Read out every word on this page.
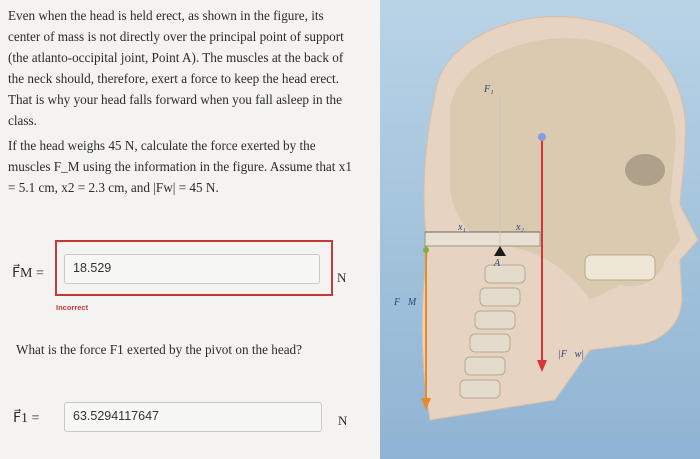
Even when the head is held erect, as shown in the figure, its center of mass is not directly over the principal point of support (the atlanto-occipital joint, Point A). The muscles at the back of the neck should, therefore, exert a force to keep the head erect. That is why your head falls forward when you fall asleep in the class.

If the head weighs 45 N, calculate the force exerted by the muscles F_M using the information in the figure. Assume that x1 = 5.1 cm, x2 = 2.3 cm, and |Fw| = 45 N.

F⃗M =	18.529
N
Incorrect
What is the force F1 exerted by the pivot on the head?
F⃗1 =	63.5294117647	N
x₁	x₂
A
F₁
F⃗M
|F⃗w|
